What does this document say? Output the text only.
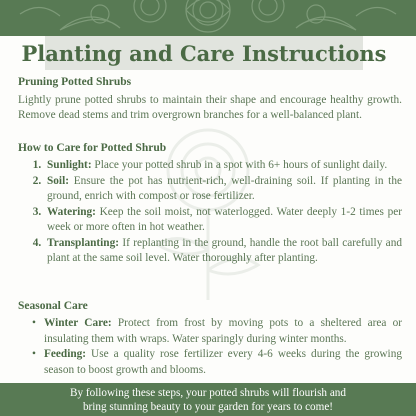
Planting and Care Instructions

Pruning Potted Shrubs

Lightly prune potted shrubs to maintain their shape and encourage healthy growth. Remove dead stems and trim overgrown branches for a well-balanced plant.

How to Care for Potted Shrub

1. Sunlight: Place your potted shrub in a spot with 6+ hours of sunlight daily.
2. Soil: Ensure the pot has nutrient-rich, well-draining soil. If planting in the ground, enrich with compost or rose fertilizer.
3. Watering: Keep the soil moist, not waterlogged. Water deeply 1-2 times per week or more often in hot weather.
4. Transplanting: If replanting in the ground, handle the root ball carefully and plant at the same soil level. Water thoroughly after planting.

Seasonal Care

• Winter Care: Protect from frost by moving pots to a sheltered area or insulating them with wraps. Water sparingly during winter months.
• Feeding: Use a quality rose fertilizer every 4-6 weeks during the growing season to boost growth and blooms.
By following these steps, your potted shrubs will flourish and
bring stunning beauty to your garden for years to come!
